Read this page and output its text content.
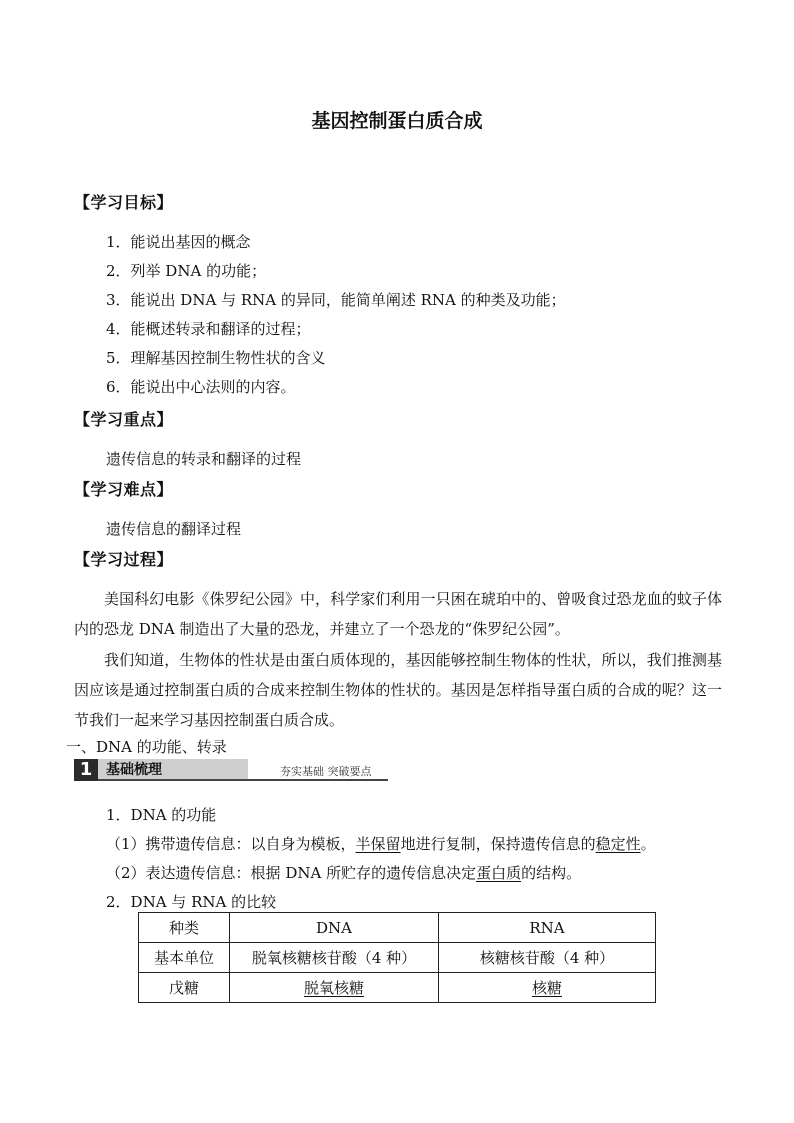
基因控制蛋白质合成
【学习目标】
1．能说出基因的概念
2．列举 DNA 的功能；
3．能说出 DNA 与 RNA 的异同，能简单阐述 RNA 的种类及功能；
4．能概述转录和翻译的过程；
5．理解基因控制生物性状的含义
6．能说出中心法则的内容。
【学习重点】
遗传信息的转录和翻译的过程
【学习难点】
遗传信息的翻译过程
【学习过程】
美国科幻电影《侏罗纪公园》中，科学家们利用一只困在琥珀中的、曾吸食过恐龙血的蚊子体内的恐龙 DNA 制造出了大量的恐龙，并建立了一个恐龙的“侏罗纪公园”。
我们知道，生物体的性状是由蛋白质体现的，基因能够控制生物体的性状，所以，我们推测基因应该是通过控制蛋白质的合成来控制生物体的性状的。基因是怎样指导蛋白质的合成的呢？这一节我们一起来学习基因控制蛋白质合成。
一、DNA 的功能、转录
1 基础梳理	夯实基础 突破要点
1．DNA 的功能
（1）携带遗传信息：以自身为模板，半保留地进行复制，保持遗传信息的稳定性。
（2）表达遗传信息：根据 DNA 所贮存的遗传信息决定蛋白质的结构。
2．DNA 与 RNA 的比较
种类	DNA	RNA
基本单位	脱氧核糖核苷酸（4 种）	核糖核苷酸（4 种）
戊糖	脱氧核糖	核糖
